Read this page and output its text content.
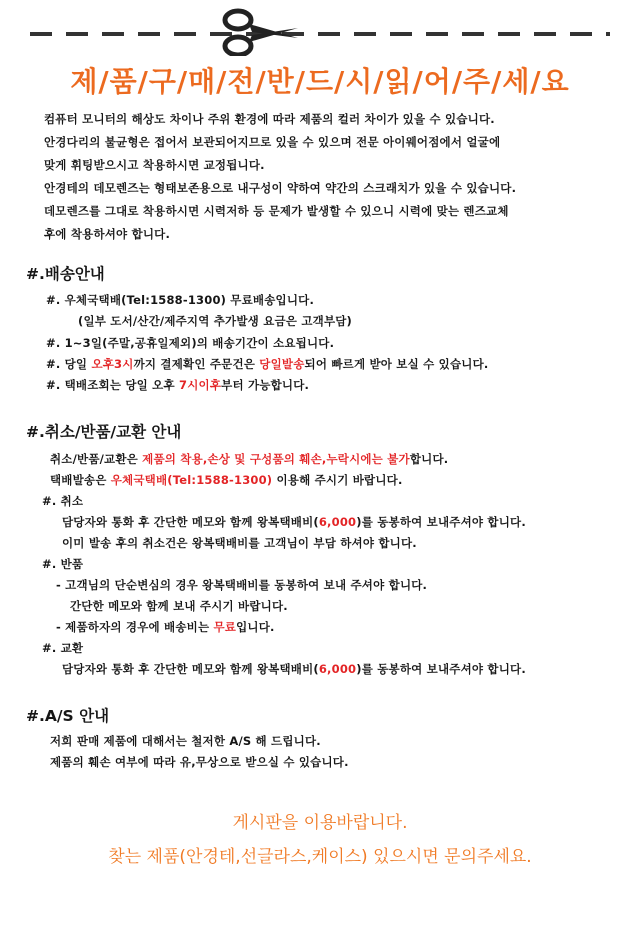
제/품/구/매/전/반/드/시/읽/어/주/세/요
컴퓨터 모니터의 해상도 차이나 주위 환경에 따라 제품의 컬러 차이가 있을 수 있습니다.
안경다리의 불균형은 접어서 보관되어지므로 있을 수 있으며 전문 아이웨어점에서 얼굴에
맞게 휘팅받으시고 착용하시면 교정됩니다.
안경테의 데모렌즈는 형태보존용으로 내구성이 약하여 약간의 스크래치가 있을 수 있습니다.
데모렌즈를 그대로 착용하시면 시력저하 등 문제가 발생할 수 있으니 시력에 맞는 렌즈교체
후에 착용하셔야 합니다.
#.배송안내
#. 우체국택배(Tel:1588-1300) 무료배송입니다.
(일부 도서/산간/제주지역 추가발생 요금은 고객부담)
#. 1~3일(주말,공휴일제외)의 배송기간이 소요됩니다.
#. 당일 오후3시까지 결제확인 주문건은 당일발송되어 빠르게 받아 보실 수 있습니다.
#. 택배조회는 당일 오후 7시이후부터 가능합니다.
#.취소/반품/교환 안내
취소/반품/교환은 제품의 착용,손상 및 구성품의 훼손,누락시에는 불가합니다.
택배발송은 우체국택배(Tel:1588-1300) 이용해 주시기 바랍니다.
#. 취소
담당자와 통화 후 간단한 메모와 함께 왕복택배비(6,000)를 동봉하여 보내주셔야 합니다.
이미 발송 후의 취소건은 왕복택배비를 고객님이 부담 하셔야 합니다.
#. 반품
- 고객님의 단순변심의 경우 왕복택배비를 동봉하여 보내 주셔야 합니다.
간단한 메모와 함께 보내 주시기 바랍니다.
- 제품하자의 경우에 배송비는 무료입니다.
#. 교환
담당자와 통화 후 간단한 메모와 함께 왕복택배비(6,000)를 동봉하여 보내주셔야 합니다.
#.A/S 안내
저희 판매 제품에 대해서는 철저한 A/S 해 드립니다.
제품의 훼손 여부에 따라 유,무상으로 받으실 수 있습니다.
게시판을 이용바랍니다.
찾는 제품(안경테,선글라스,케이스) 있으시면 문의주세요.
